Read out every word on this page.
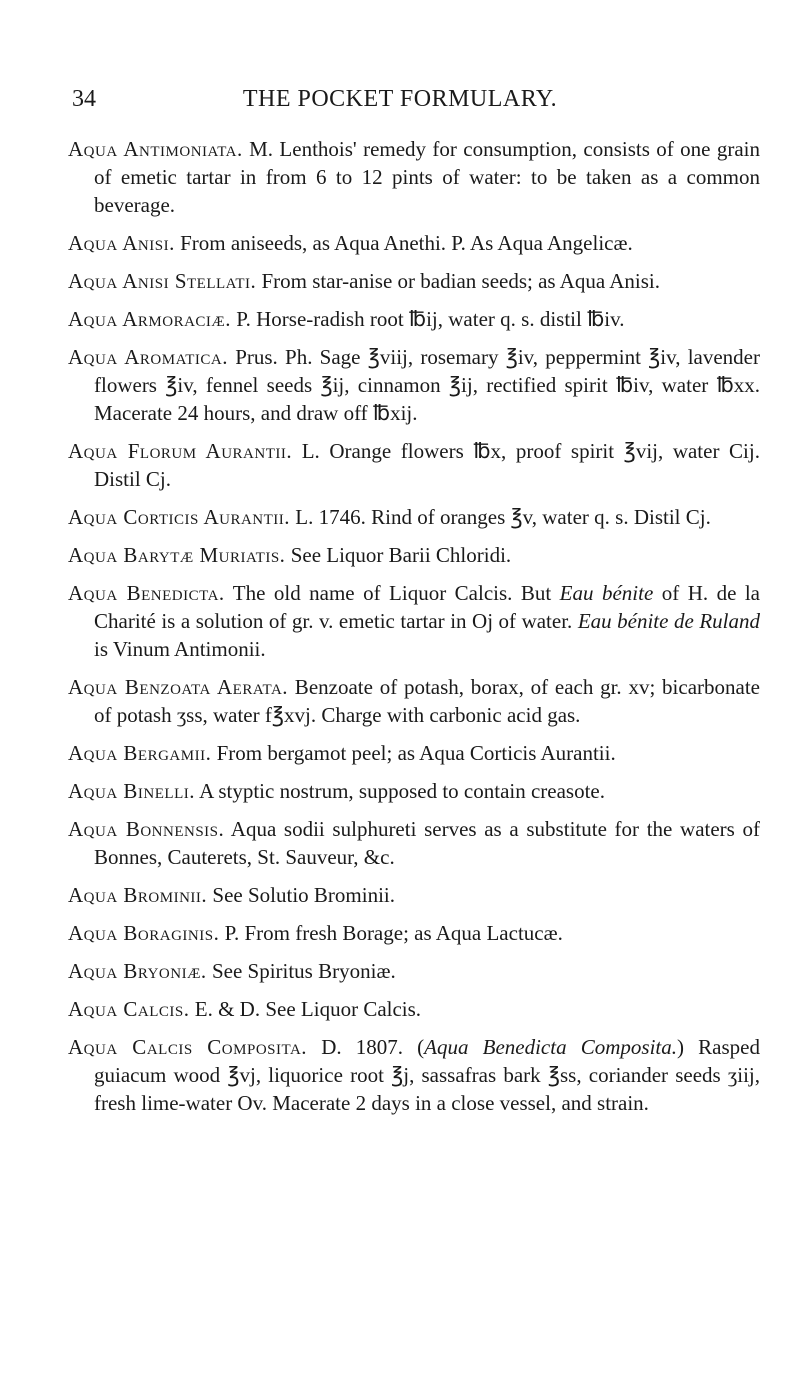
34	THE POCKET FORMULARY.

Aqua Antimoniata. M. Lenthois' remedy for consumption, consists of one grain of emetic tartar in from 6 to 12 pints of water: to be taken as a common beverage.

Aqua Anisi. From aniseeds, as Aqua Anethi. P. As Aqua Angelicæ.

Aqua Anisi Stellati. From star-anise or badian seeds; as Aqua Anisi.

Aqua Armoraciæ. P. Horse-radish root ℔ij, water q. s. distil ℔iv.

Aqua Aromatica. Prus. Ph. Sage ℥viij, rosemary ℥iv, peppermint ℥iv, lavender flowers ℥iv, fennel seeds ℥ij, cinnamon ℥ij, rectified spirit ℔iv, water ℔xx. Macerate 24 hours, and draw off ℔xij.

Aqua Florum Aurantii. L. Orange flowers ℔x, proof spirit ℥vij, water Cij. Distil Cj.

Aqua Corticis Aurantii. L. 1746. Rind of oranges ℥v, water q. s. Distil Cj.

Aqua Barytæ Muriatis. See Liquor Barii Chloridi.

Aqua Benedicta. The old name of Liquor Calcis. But Eau bénite of H. de la Charité is a solution of gr. v. emetic tartar in Oj of water. Eau bénite de Ruland is Vinum Antimonii.

Aqua Benzoata Aerata. Benzoate of potash, borax, of each gr. xv; bicarbonate of potash ʒss, water f℥xvj. Charge with carbonic acid gas.

Aqua Bergamii. From bergamot peel; as Aqua Corticis Aurantii.

Aqua Binelli. A styptic nostrum, supposed to contain creasote.

Aqua Bonnensis. Aqua sodii sulphureti serves as a substitute for the waters of Bonnes, Cauterets, St. Sauveur, &c.

Aqua Brominii. See Solutio Brominii.

Aqua Boraginis. P. From fresh Borage; as Aqua Lactucæ.

Aqua Bryoniæ. See Spiritus Bryoniæ.

Aqua Calcis. E. & D. See Liquor Calcis.

Aqua Calcis Composita. D. 1807. (Aqua Benedicta Composita.) Rasped guiacum wood ℥vj, liquorice root ℥j, sassafras bark ℥ss, coriander seeds ʒiij, fresh lime-water Ov. Macerate 2 days in a close vessel, and strain.
